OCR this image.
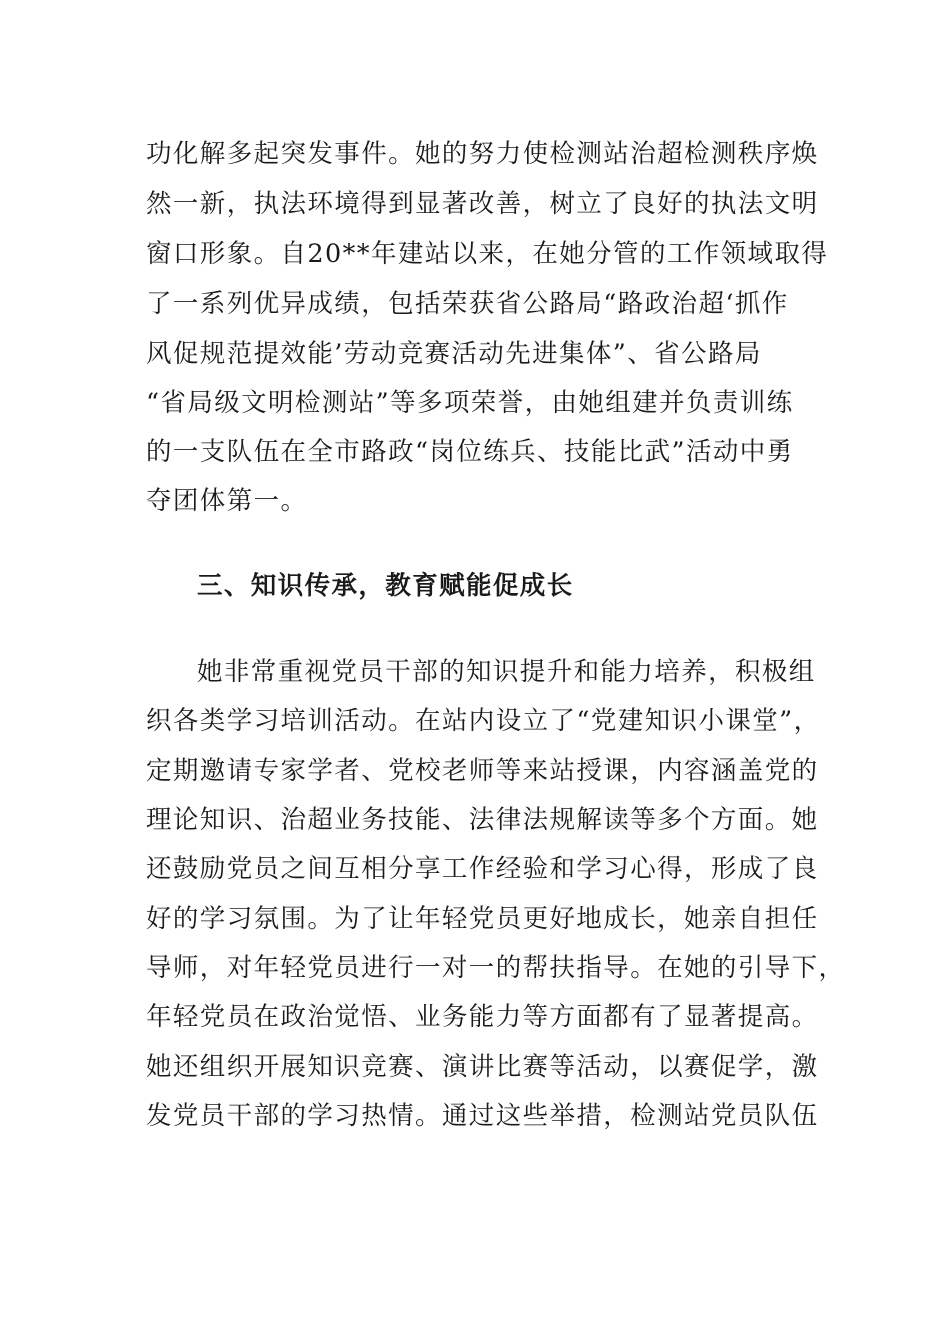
功化解多起突发事件。她的努力使检测站治超检测秩序焕
然一新，执法环境得到显著改善，树立了良好的执法文明
窗口形象。自20**年建站以来，在她分管的工作领域取得
了一系列优异成绩，包括荣获省公路局“路政治超‘抓作
风促规范提效能’劳动竞赛活动先进集体”、省公路局
“省局级文明检测站”等多项荣誉，由她组建并负责训练
的一支队伍在全市路政“岗位练兵、技能比武”活动中勇
夺团体第一。
三、知识传承，教育赋能促成长
她非常重视党员干部的知识提升和能力培养，积极组
织各类学习培训活动。在站内设立了“党建知识小课堂”，
定期邀请专家学者、党校老师等来站授课，内容涵盖党的
理论知识、治超业务技能、法律法规解读等多个方面。她
还鼓励党员之间互相分享工作经验和学习心得，形成了良
好的学习氛围。为了让年轻党员更好地成长，她亲自担任
导师，对年轻党员进行一对一的帮扶指导。在她的引导下，
年轻党员在政治觉悟、业务能力等方面都有了显著提高。
她还组织开展知识竞赛、演讲比赛等活动，以赛促学，激
发党员干部的学习热情。通过这些举措，检测站党员队伍
